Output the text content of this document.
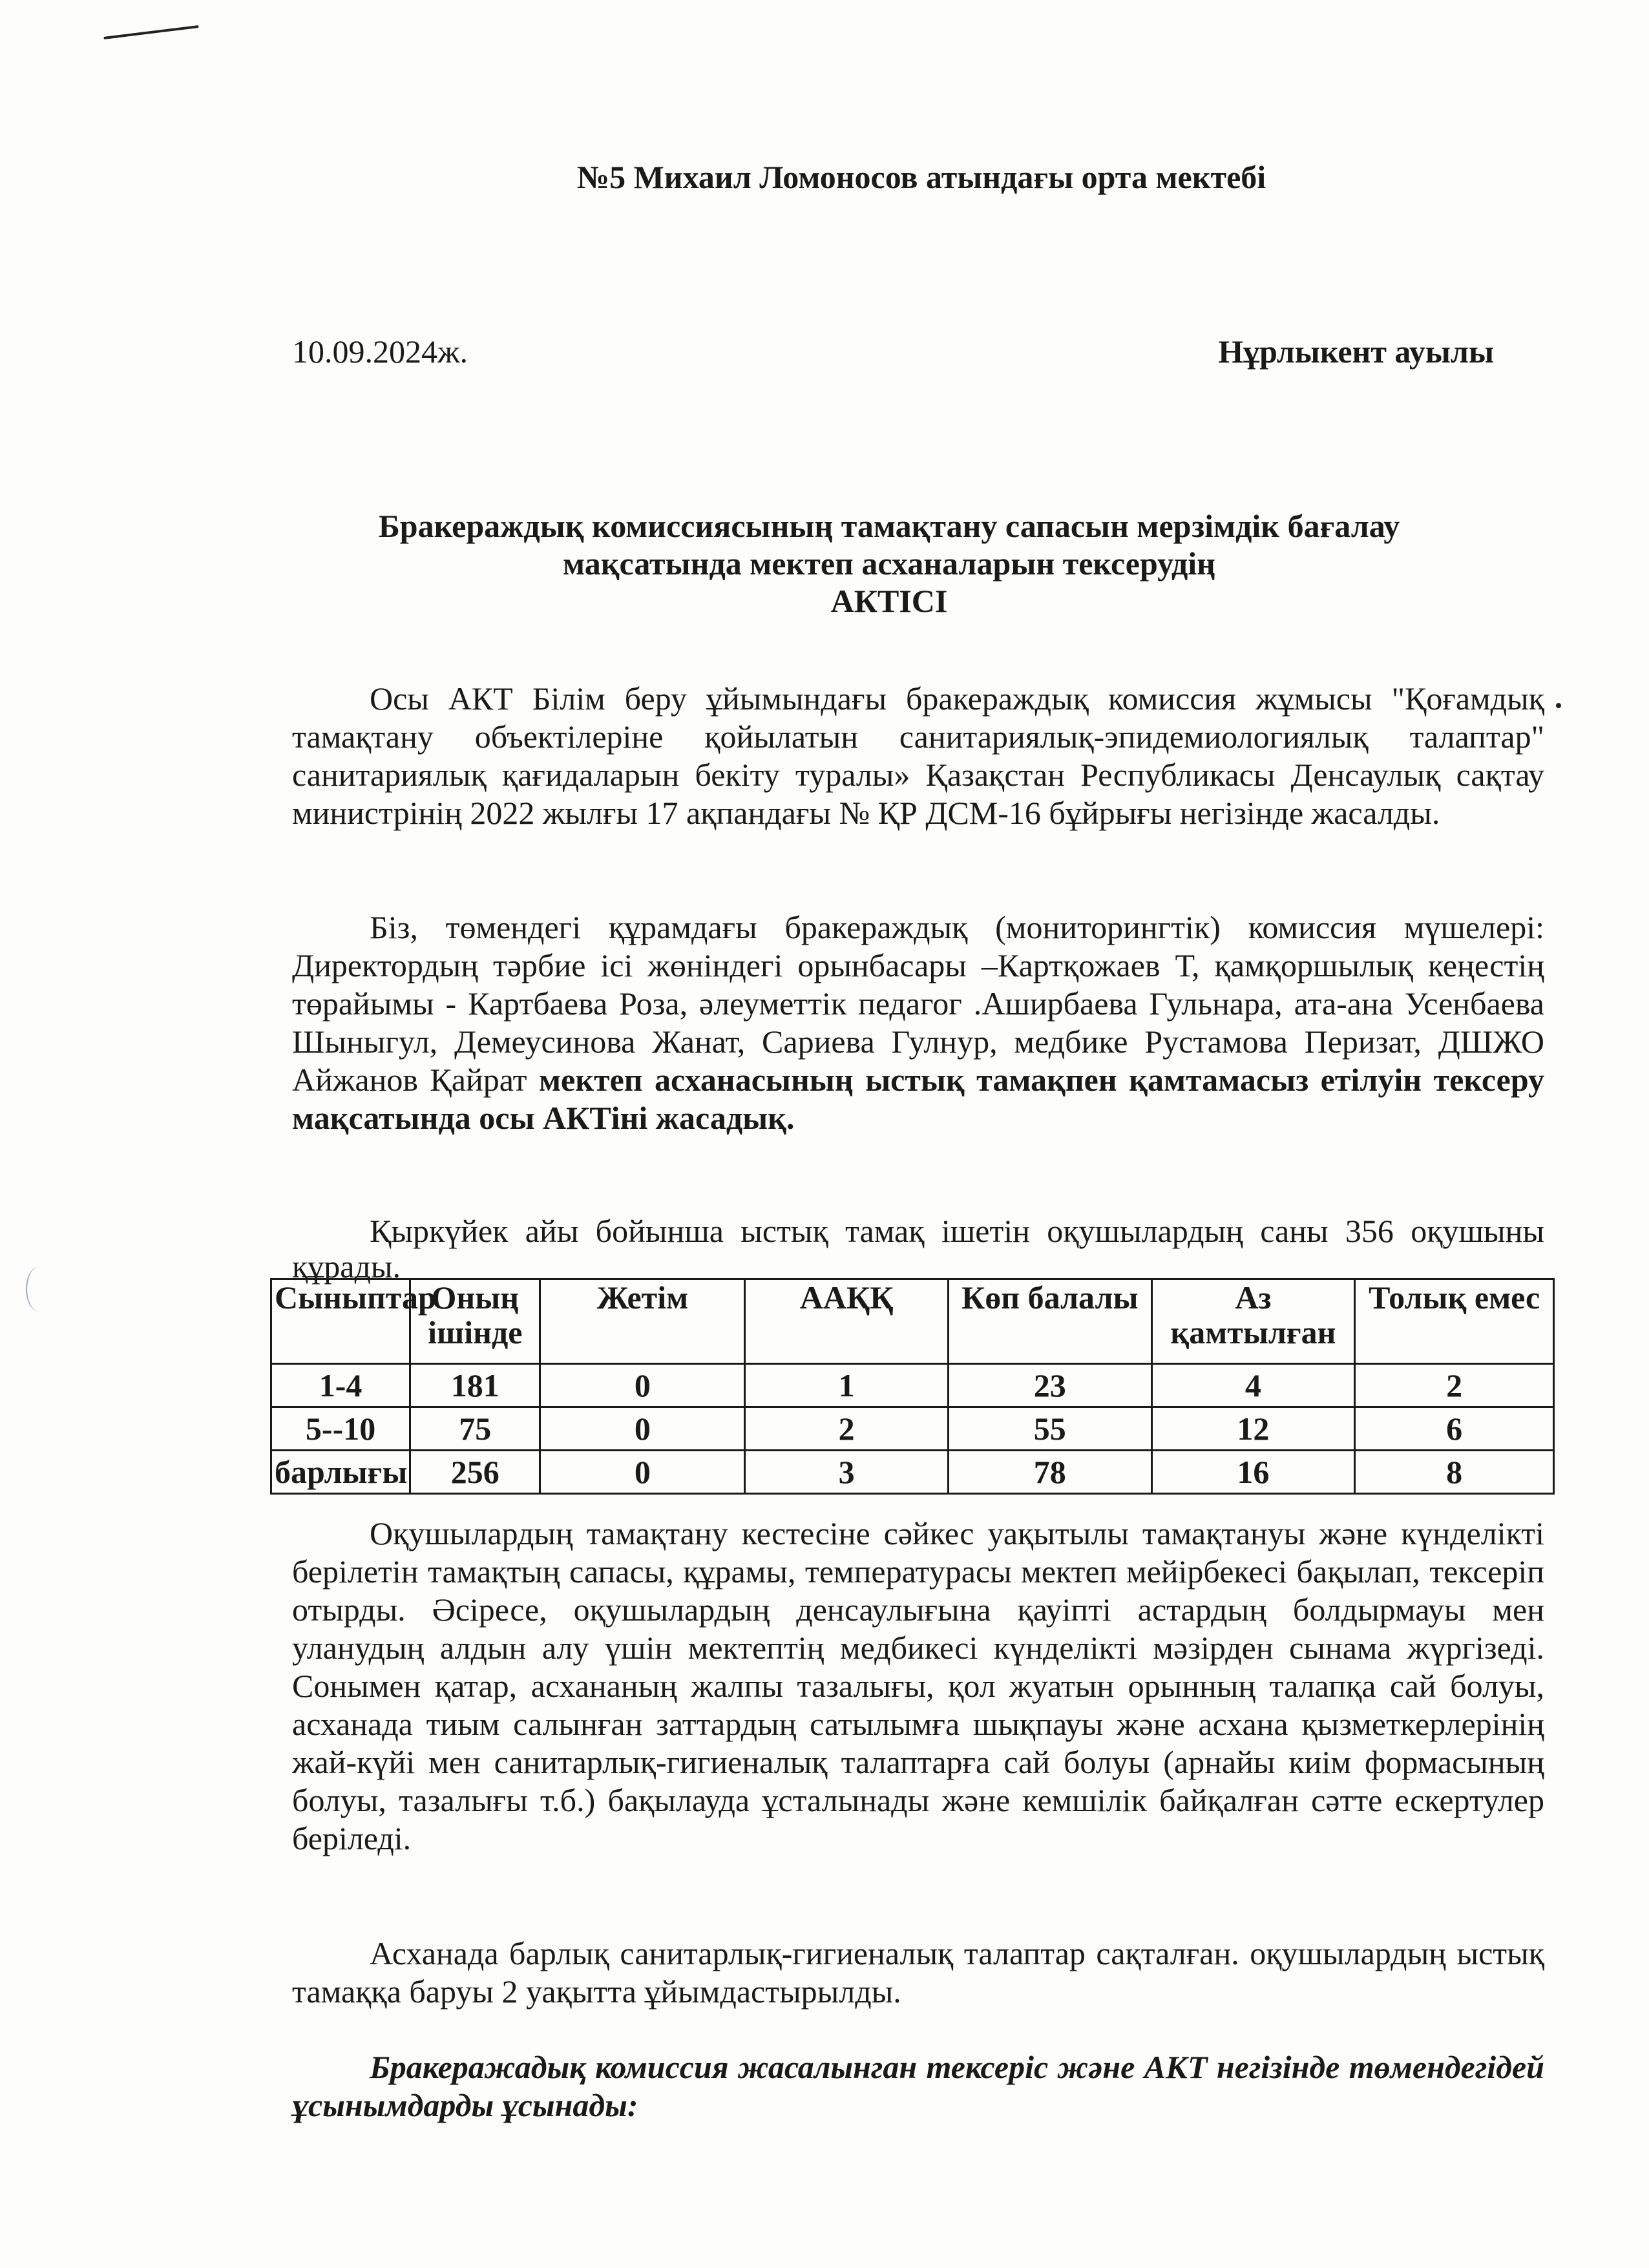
№5 Михаил Ломоносов атындағы орта мектебі
10.09.2024ж.	Нұрлыкент ауылы
Бракераждық комиссиясының тамақтану сапасын мерзімдік бағалау
мақсатында мектеп асханаларын тексерудің
АКТІСІ

Осы АКТ Білім беру ұйымындағы бракераждық комиссия жұмысы "Қоғамдық тамақтану объектілеріне қойылатын санитариялық-эпидемиологиялық талаптар" санитариялық қағидаларын бекіту туралы» Қазақстан Республикасы Денсаулық сақтау министрінің 2022 жылғы 17 ақпандағы № ҚР ДСМ-16 бұйрығы негізінде жасалды.

Біз, төмендегі құрамдағы бракераждық (мониторингтік) комиссия мүшелері: Директордың тәрбие ісі жөніндегі орынбасары –Картқожаев Т, қамқоршылық кеңестің төрайымы - Картбаева Роза, әлеуметтік педагог .Аширбаева Гульнара, ата-ана Усенбаева Шыныгул, Демеусинова Жанат, Сариева Гулнур, медбике Рустамова Перизат, ДШЖО Айжанов Қайрат мектеп асханасының ыстық тамақпен қамтамасыз етілуін тексеру мақсатында осы АКТіні жасадық.

Қыркүйек айы бойынша ыстық тамақ ішетін оқушылардың саны 356 оқушыны құрады.

Сыныптар	Оның ішінде	Жетім	ААҚҚ	Көп балалы	Аз қамтылған	Толық емес
1-4	181	0	1	23	4	2
5--10	75	0	2	55	12	6
барлығы	256	0	3	78	16	8

Оқушылардың тамақтану кестесіне сәйкес уақытылы тамақтануы және күнделікті берілетін тамақтың сапасы, құрамы, температурасы мектеп мейірбекесі бақылап, тексеріп отырды. Әсіресе, оқушылардың денсаулығына қауіпті астардың болдырмауы мен уланудың алдын алу үшін мектептің медбикесі күнделікті мәзірден сынама жүргізеді. Сонымен қатар, асхананың жалпы тазалығы, қол жуатын орынның талапқа сай болуы, асханада тиым салынған заттардың сатылымға шықпауы және асхана қызметкерлерінің жай-күйі мен санитарлық-гигиеналық талаптарға сай болуы (арнайы киім формасының болуы, тазалығы т.б.) бақылауда ұсталынады және кемшілік байқалған сәтте ескертулер беріледі.

Асханада барлық санитарлық-гигиеналық талаптар сақталған. оқушылардың ыстық тамаққа баруы 2 уақытта ұйымдастырылды.

Бракеражадық комиссия жасалынган тексеріс және АКТ негізінде төмендегідей ұсынымдарды ұсынады:
